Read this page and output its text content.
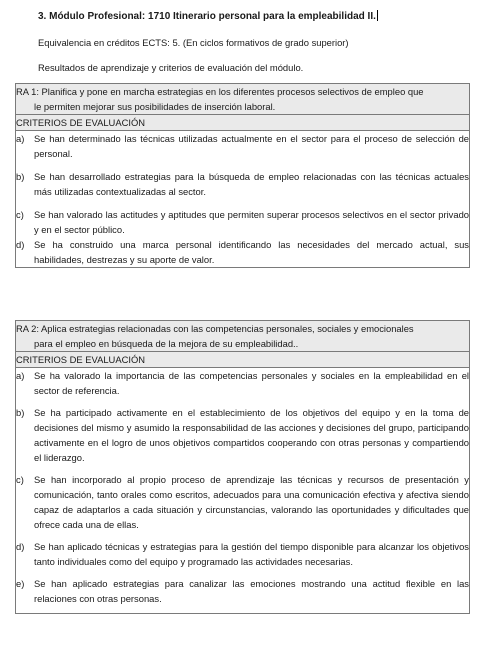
3. Módulo Profesional: 1710 Itinerario personal para la empleabilidad II.
Equivalencia en créditos ECTS: 5. (En ciclos formativos de grado superior)
Resultados de aprendizaje y criterios de evaluación del módulo.
RA 1: Planifica y pone en marcha estrategias en los diferentes procesos selectivos de empleo que
le permiten mejorar sus posibilidades de inserción laboral.

CRITERIOS DE EVALUACIÓN

a) Se han determinado las técnicas utilizadas actualmente en el sector para el proceso de selección de personal.
b) Se han desarrollado estrategias para la búsqueda de empleo relacionadas con las técnicas actuales más utilizadas contextualizadas al sector.
c) Se han valorado las actitudes y aptitudes que permiten superar procesos selectivos en el sector privado y en el sector público.
d) Se ha construido una marca personal identificando las necesidades del mercado actual, sus habilidades, destrezas y su aporte de valor.
RA 2: Aplica estrategias relacionadas con las competencias personales, sociales y emocionales
para el empleo en búsqueda de la mejora de su empleabilidad..

CRITERIOS DE EVALUACIÓN

a) Se ha valorado la importancia de las competencias personales y sociales en la empleabilidad en el sector de referencia.
b) Se ha participado activamente en el establecimiento de los objetivos del equipo y en la toma de decisiones del mismo y asumido la responsabilidad de las acciones y decisiones del grupo, participando activamente en el logro de unos objetivos compartidos cooperando con otras personas y compartiendo el liderazgo.
c) Se han incorporado al propio proceso de aprendizaje las técnicas y recursos de presentación y comunicación, tanto orales como escritos, adecuados para una comunicación efectiva y afectiva siendo capaz de adaptarlos a cada situación y circunstancias, valorando las oportunidades y dificultades que ofrece cada una de ellas.
d) Se han aplicado técnicas y estrategias para la gestión del tiempo disponible para alcanzar los objetivos tanto individuales como del equipo y programado las actividades necesarias.
e) Se han aplicado estrategias para canalizar las emociones mostrando una actitud flexible en las relaciones con otras personas.
